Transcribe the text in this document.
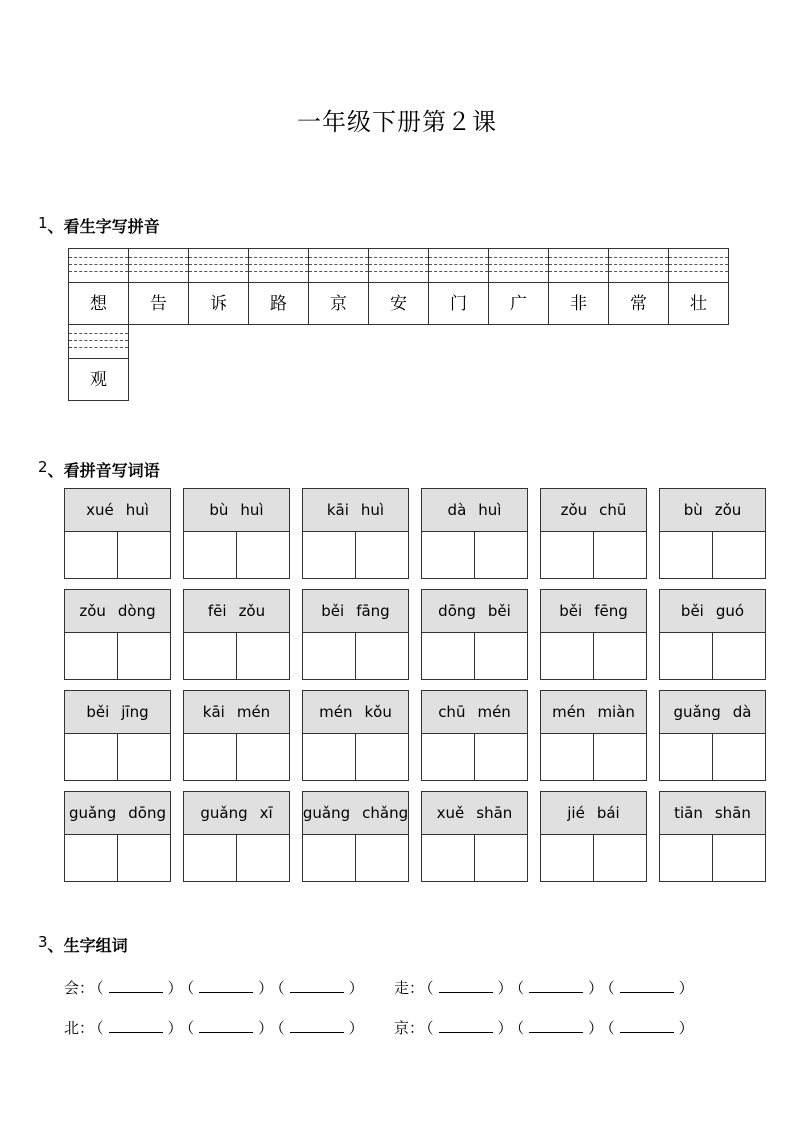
一年级下册第２课
1、看生字写拼音
想	告	诉	路	京	安	门	广	非	常	壮
观
2、看拼音写词语
xué huì	bù huì	kāi huì	dà huì	zǒu chū	bù zǒu
zǒu dòng	fēi zǒu	běi fāng	dōng běi	běi fēng	běi guó
běi jīng	kāi mén	mén kǒu	chū mén	mén miàn	guǎng dà
guǎng dōng	guǎng xī	guǎng chǎng	xuě shān	jié bái	tiān shān
3、生字组词
会： （	） （	） （	） 走： （	） （	） （	）
北： （	） （	） （	） 京： （	） （	） （	）
